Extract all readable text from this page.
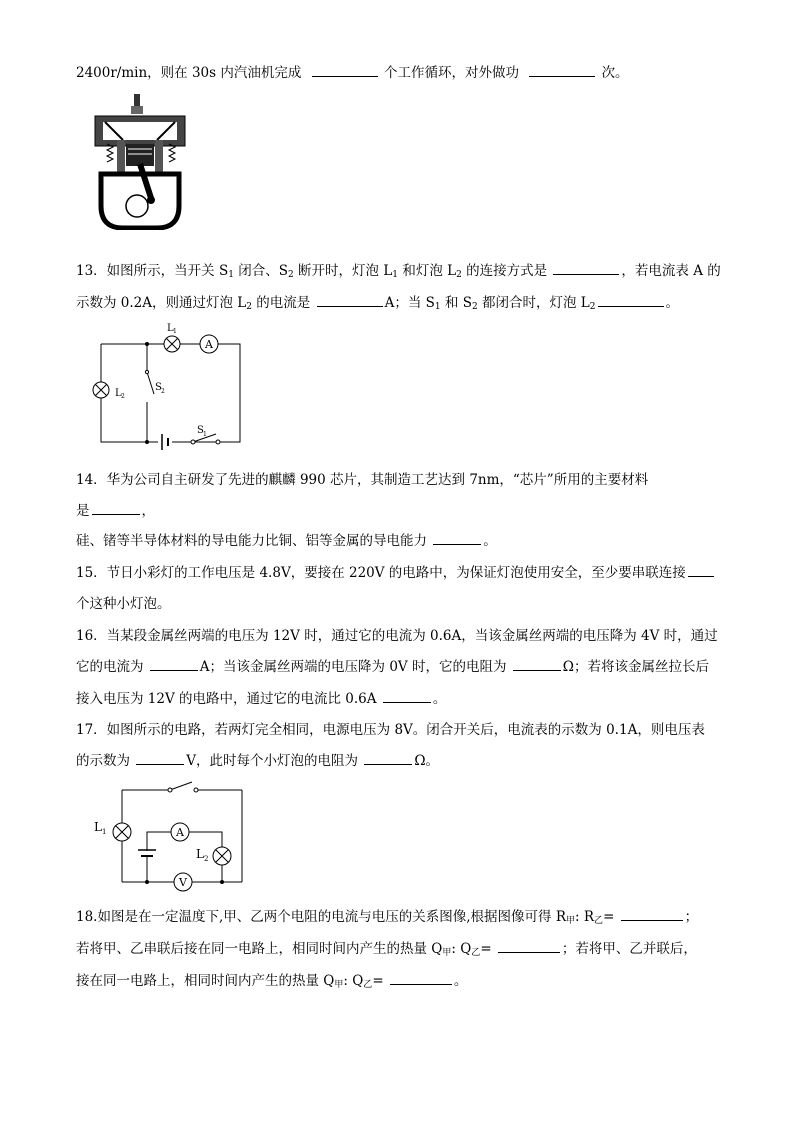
2400r/min，则在 30s 内汽油机完成	个工作循环，对外做功	次。
13．如图所示，当开关 $S_1$ 闭合、$S_2$ 断开时，灯泡 $L_1$ 和灯泡 $L_2$ 的连接方式是	，若电流表 A 的
示数为 0.2A，则通过灯泡 $L_2$ 的电流是	A；当 $S_1$ 和 $S_2$ 都闭合时，灯泡 $L_2$	。
A
L 1
L 2
S 2
S 1
14．华为公司自主研发了先进的麒麟 990 芯片，其制造工艺达到 7nm，“芯片”所用的主要材料
是	，
硅、锗等半导体材料的导电能力比铜、铝等金属的导电能力	。
15．节日小彩灯的工作电压是 4.8V，要接在 220V 的电路中，为保证灯泡使用安全，至少要串联连接
个这种小灯泡。
16．当某段金属丝两端的电压为 12V 时，通过它的电流为 0.6A，当该金属丝两端的电压降为 4V 时，通过
它的电流为	A；当该金属丝两端的电压降为 0V 时，它的电阻为	Ω；若将该金属丝拉长后
接入电压为 12V 的电路中，通过它的电流比 0.6A	。
17．如图所示的电路，若两灯完全相同，电源电压为 8V。闭合开关后，电流表的示数为 0.1A，则电压表
的示数为	V，此时每个小灯泡的电阻为	Ω。
A
V
L 1
L 2
18.如图是在一定温度下,甲、乙两个电阻的电流与电压的关系图像,根据图像可得 $R_甲$: $R_乙=$	；
若将甲、乙串联后接在同一电路上，相同时间内产生的热量 $Q_甲$: $Q_乙=$	；若将甲、乙并联后，
接在同一电路上，相同时间内产生的热量 $Q_甲$: $Q_乙=$	。
